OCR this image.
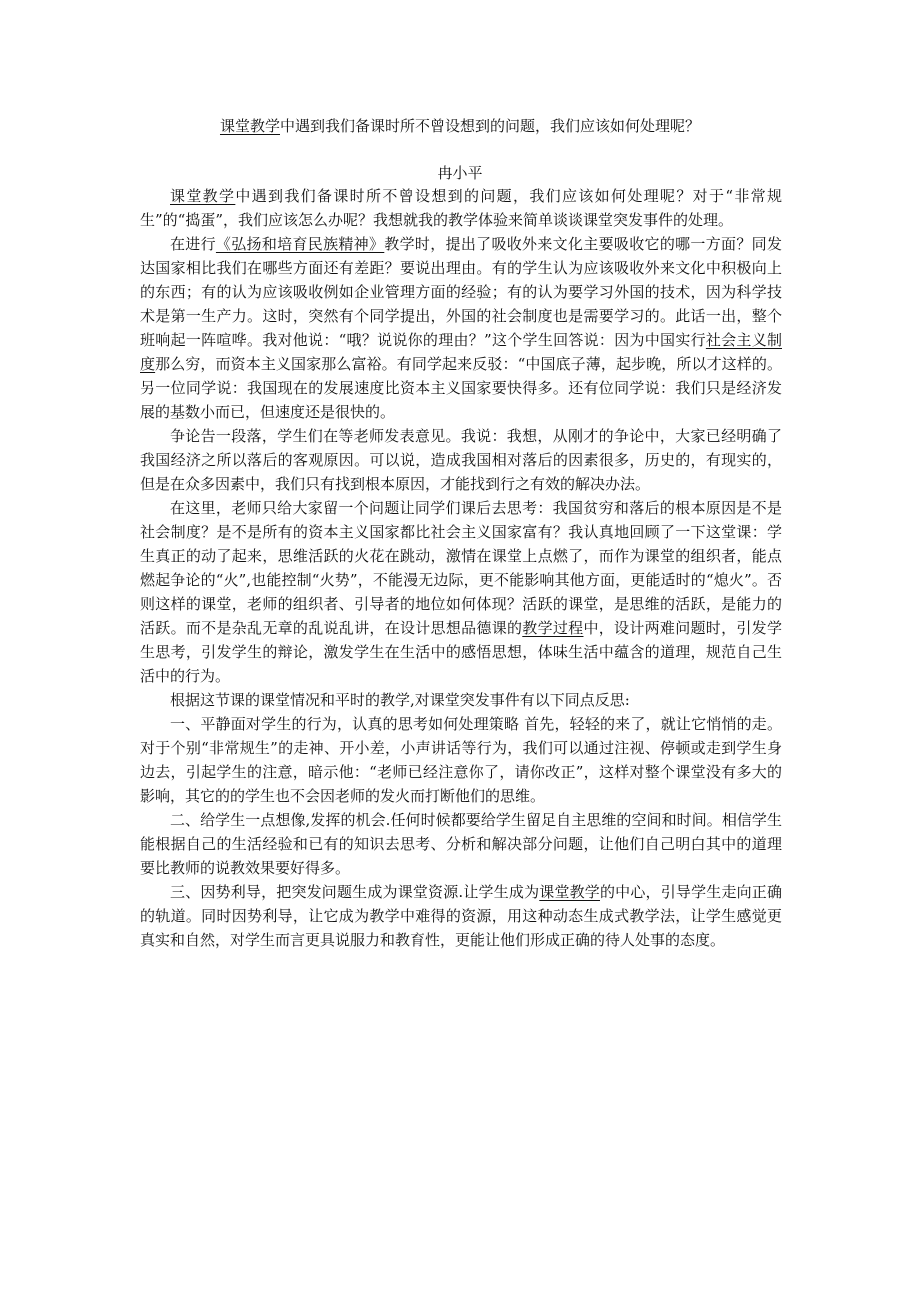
课堂教学中遇到我们备课时所不曾设想到的问题，我们应该如何处理呢？
冉小平

课堂教学中遇到我们备课时所不曾设想到的问题，我们应该如何处理呢？对于“非常规生”的“捣蛋”，我们应该怎么办呢？我想就我的教学体验来简单谈谈课堂突发事件的处理。

在进行《弘扬和培育民族精神》教学时，提出了吸收外来文化主要吸收它的哪一方面？同发达国家相比我们在哪些方面还有差距？要说出理由。有的学生认为应该吸收外来文化中积极向上的东西；有的认为应该吸收例如企业管理方面的经验；有的认为要学习外国的技术，因为科学技术是第一生产力。这时，突然有个同学提出，外国的社会制度也是需要学习的。此话一出，整个班响起一阵喧哗。我对他说：“哦？说说你的理由？”这个学生回答说：因为中国实行社会主义制度那么穷，而资本主义国家那么富裕。有同学起来反驳：“中国底子薄，起步晚，所以才这样的。另一位同学说：我国现在的发展速度比资本主义国家要快得多。还有位同学说：我们只是经济发展的基数小而已，但速度还是很快的。

争论告一段落，学生们在等老师发表意见。我说：我想，从刚才的争论中，大家已经明确了我国经济之所以落后的客观原因。可以说，造成我国相对落后的因素很多，历史的，有现实的，但是在众多因素中，我们只有找到根本原因，才能找到行之有效的解决办法。

在这里，老师只给大家留一个问题让同学们课后去思考：我国贫穷和落后的根本原因是不是社会制度？是不是所有的资本主义国家都比社会主义国家富有？我认真地回顾了一下这堂课：学生真正的动了起来，思维活跃的火花在跳动，激情在课堂上点燃了，而作为课堂的组织者，能点燃起争论的“火”,也能控制“火势”，不能漫无边际，更不能影响其他方面，更能适时的“熄火”。否则这样的课堂，老师的组织者、引导者的地位如何体现？活跃的课堂，是思维的活跃，是能力的活跃。而不是杂乱无章的乱说乱讲，在设计思想品德课的教学过程中，设计两难问题时，引发学生思考，引发学生的辩论，激发学生在生活中的感悟思想，体味生活中蕴含的道理，规范自己生活中的行为。

根据这节课的课堂情况和平时的教学,对课堂突发事件有以下同点反思:

一、平静面对学生的行为，认真的思考如何处理策略 首先，轻轻的来了，就让它悄悄的走。对于个别“非常规生”的走神、开小差，小声讲话等行为，我们可以通过注视、停顿或走到学生身边去，引起学生的注意，暗示他：“老师已经注意你了，请你改正”，这样对整个课堂没有多大的影响，其它的的学生也不会因老师的发火而打断他们的思维。

二、给学生一点想像,发挥的机会.任何时候都要给学生留足自主思维的空间和时间。相信学生能根据自己的生活经验和已有的知识去思考、分析和解决部分问题，让他们自己明白其中的道理要比教师的说教效果要好得多。

三、因势利导，把突发问题生成为课堂资源.让学生成为课堂教学的中心，引导学生走向正确的轨道。同时因势利导，让它成为教学中难得的资源，用这种动态生成式教学法，让学生感觉更真实和自然，对学生而言更具说服力和教育性，更能让他们形成正确的待人处事的态度。
